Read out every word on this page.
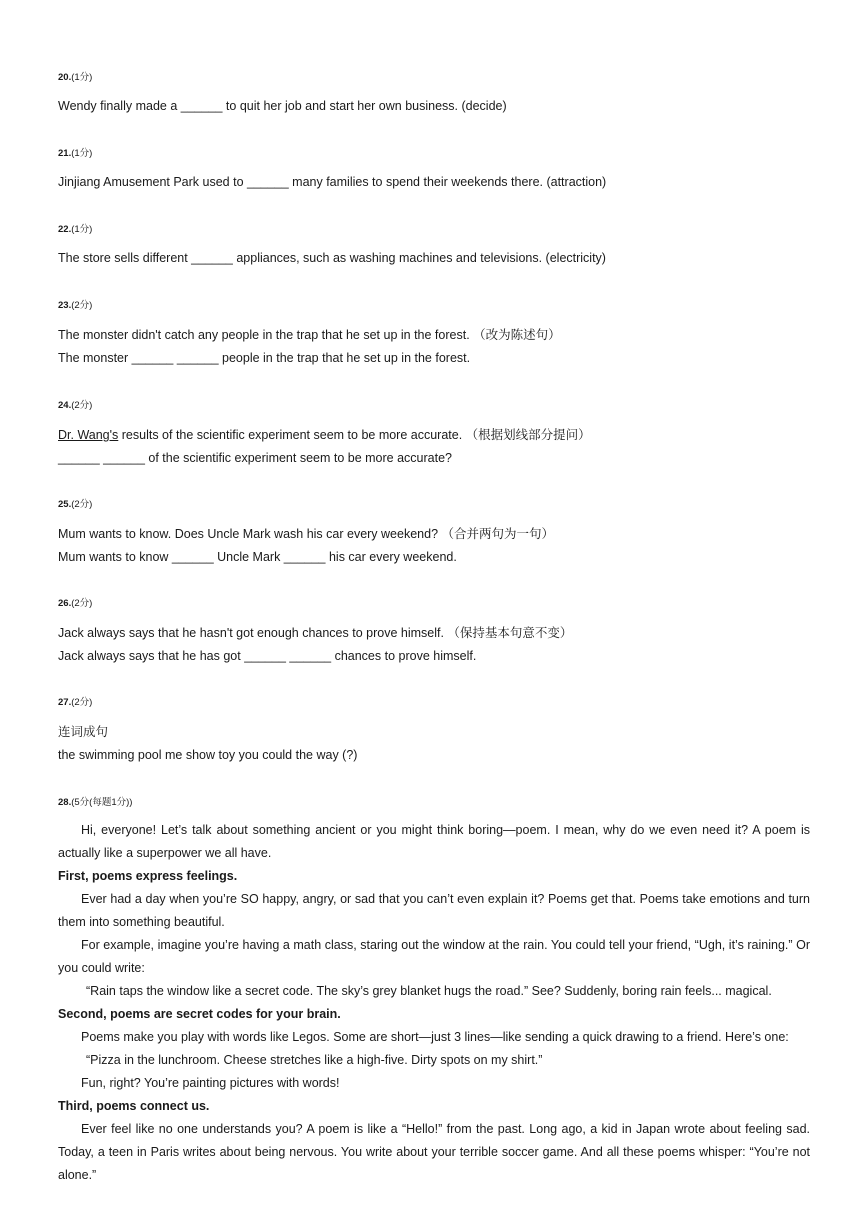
20.(1分)
Wendy finally made a ______ to quit her job and start her own business. (decide)
21.(1分)
Jinjiang Amusement Park used to ______ many families to spend their weekends there. (attraction)
22.(1分)
The store sells different ______ appliances, such as washing machines and televisions. (electricity)
23.(2分)
The monster didn't catch any people in the trap that he set up in the forest. （改为陈述句）
The monster ______ ______ people in the trap that he set up in the forest.
24.(2分)
Dr. Wang's results of the scientific experiment seem to be more accurate. （根据划线部分提问）
______ ______ of the scientific experiment seem to be more accurate?
25.(2分)
Mum wants to know. Does Uncle Mark wash his car every weekend? （合并两句为一句）
Mum wants to know ______ Uncle Mark ______ his car every weekend.
26.(2分)
Jack always says that he hasn't got enough chances to prove himself. （保持基本句意不变）
Jack always says that he has got ______ ______ chances to prove himself.
27.(2分)
连词成句
the swimming pool me show toy you could the way (?)
28.(5分(每题1分))
Hi, everyone! Let’s talk about something ancient or you might think boring—poem. I mean, why do we even need it? A poem is actually like a superpower we all have.
First, poems express feelings.
Ever had a day when you’re SO happy, angry, or sad that you can’t even explain it? Poems get that. Poems take emotions and turn them into something beautiful.
For example, imagine you’re having a math class, staring out the window at the rain. You could tell your friend, “Ugh, it’s raining.” Or you could write:
“Rain taps the window like a secret code. The sky’s grey blanket hugs the road.” See? Suddenly, boring rain feels... magical.
Second, poems are secret codes for your brain.
Poems make you play with words like Legos. Some are short—just 3 lines—like sending a quick drawing to a friend. Here’s one:
“Pizza in the lunchroom. Cheese stretches like a high-five. Dirty spots on my shirt.”
Fun, right? You’re painting pictures with words!
Third, poems connect us.
Ever feel like no one understands you? A poem is like a “Hello!” from the past. Long ago, a kid in Japan wrote about feeling sad. Today, a teen in Paris writes about being nervous. You write about your terrible soccer game. And all these poems whisper: “You’re not alone.”
